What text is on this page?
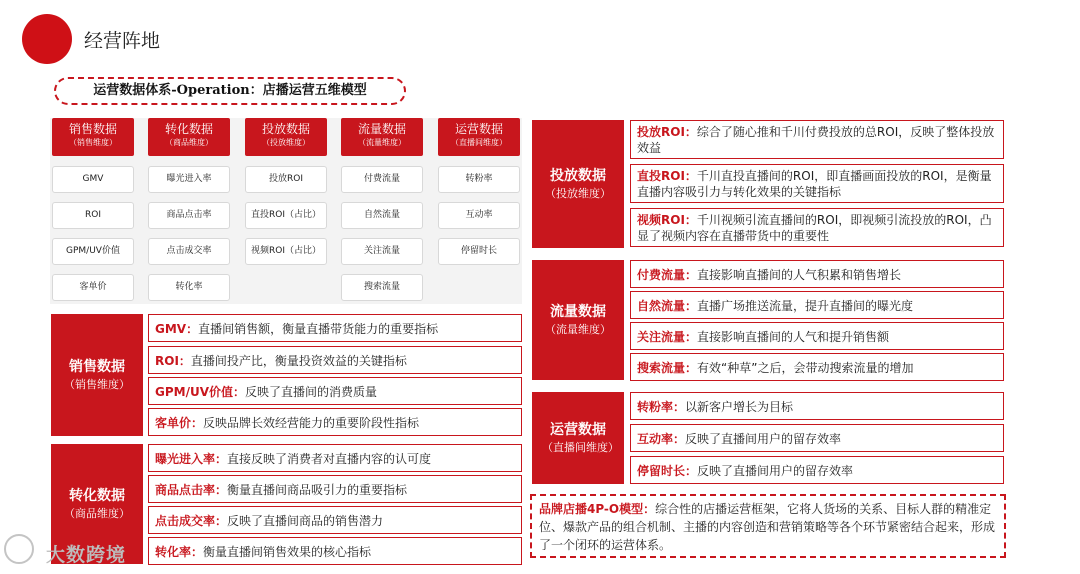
经营阵地
运营数据体系-Operation：店播运营五维模型
销售数据
（销售维度）
转化数据
（商品维度）
投放数据
（投放维度）
流量数据
（流量维度）
运营数据
（直播间维度）
GMV
ROI
GPM/UV价值
客单价
曝光进入率
商品点击率
点击成交率
转化率
投放ROI
直投ROI（占比）
视频ROI（占比）
付费流量
自然流量
关注流量
搜索流量
转粉率
互动率
停留时长
销售数据
（销售维度）
GMV： 直播间销售额，衡量直播带货能力的重要指标
ROI： 直播间投产比，衡量投资效益的关键指标
GPM/UV价值： 反映了直播间的消费质量
客单价： 反映品牌长效经营能力的重要阶段性指标
转化数据
（商品维度）
曝光进入率： 直接反映了消费者对直播内容的认可度
商品点击率： 衡量直播间商品吸引力的重要指标
点击成交率： 反映了直播间商品的销售潜力
转化率： 衡量直播间销售效果的核心指标
投放数据
（投放维度）
投放ROI：综合了随心推和千川付费投放的总ROI，反映了整体投放效益
直投ROI：千川直投直播间的ROI，即直播画面投放的ROI，是衡量直播内容吸引力与转化效果的关键指标
视频ROI：千川视频引流直播间的ROI，即视频引流投放的ROI，凸显了视频内容在直播带货中的重要性
流量数据
（流量维度）
付费流量： 直接影响直播间的人气积累和销售增长
自然流量： 直播广场推送流量，提升直播间的曝光度
关注流量： 直接影响直播间的人气和提升销售额
搜索流量： 有效“种草”之后，会带动搜索流量的增加
运营数据
（直播间维度）
转粉率： 以新客户增长为目标
互动率： 反映了直播间用户的留存效率
停留时长： 反映了直播间用户的留存效率
品牌店播4P-O模型：综合性的店播运营框架，它将人货场的关系、目标人群的精准定位、爆款产品的组合机制、主播的内容创造和营销策略等各个环节紧密结合起来，形成了一个闭环的运营体系。
大数跨境
